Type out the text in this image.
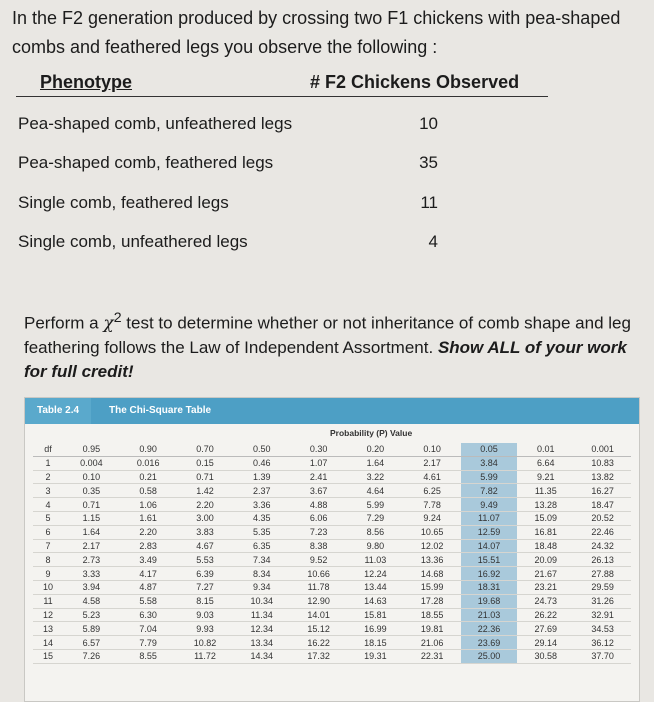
In the F2 generation produced by crossing two F1 chickens with pea-shaped combs and feathered legs you observe the following :
Phenotype	# F2 Chickens Observed
Pea-shaped comb, unfeathered legs	10
Pea-shaped comb, feathered legs	35
Single comb, feathered legs	11
Single comb, unfeathered legs	4
Perform a $\chi^2$ test to determine whether or not inheritance of comb shape and leg feathering follows the Law of Independent Assortment. Show ALL of your work for full credit!
Table 2.4	The Chi-Square Table
Probability (P) Value
df	0.95	0.90	0.70	0.50	0.30	0.20	0.10	0.05	0.01	0.001
1	0.004	0.016	0.15	0.46	1.07	1.64	2.17	3.84	6.64	10.83
2	0.10	0.21	0.71	1.39	2.41	3.22	4.61	5.99	9.21	13.82
3	0.35	0.58	1.42	2.37	3.67	4.64	6.25	7.82	11.35	16.27
4	0.71	1.06	2.20	3.36	4.88	5.99	7.78	9.49	13.28	18.47
5	1.15	1.61	3.00	4.35	6.06	7.29	9.24	11.07	15.09	20.52
6	1.64	2.20	3.83	5.35	7.23	8.56	10.65	12.59	16.81	22.46
7	2.17	2.83	4.67	6.35	8.38	9.80	12.02	14.07	18.48	24.32
8	2.73	3.49	5.53	7.34	9.52	11.03	13.36	15.51	20.09	26.13
9	3.33	4.17	6.39	8.34	10.66	12.24	14.68	16.92	21.67	27.88
10	3.94	4.87	7.27	9.34	11.78	13.44	15.99	18.31	23.21	29.59
11	4.58	5.58	8.15	10.34	12.90	14.63	17.28	19.68	24.73	31.26
12	5.23	6.30	9.03	11.34	14.01	15.81	18.55	21.03	26.22	32.91
13	5.89	7.04	9.93	12.34	15.12	16.99	19.81	22.36	27.69	34.53
14	6.57	7.79	10.82	13.34	16.22	18.15	21.06	23.69	29.14	36.12
15	7.26	8.55	11.72	14.34	17.32	19.31	22.31	25.00	30.58	37.70
